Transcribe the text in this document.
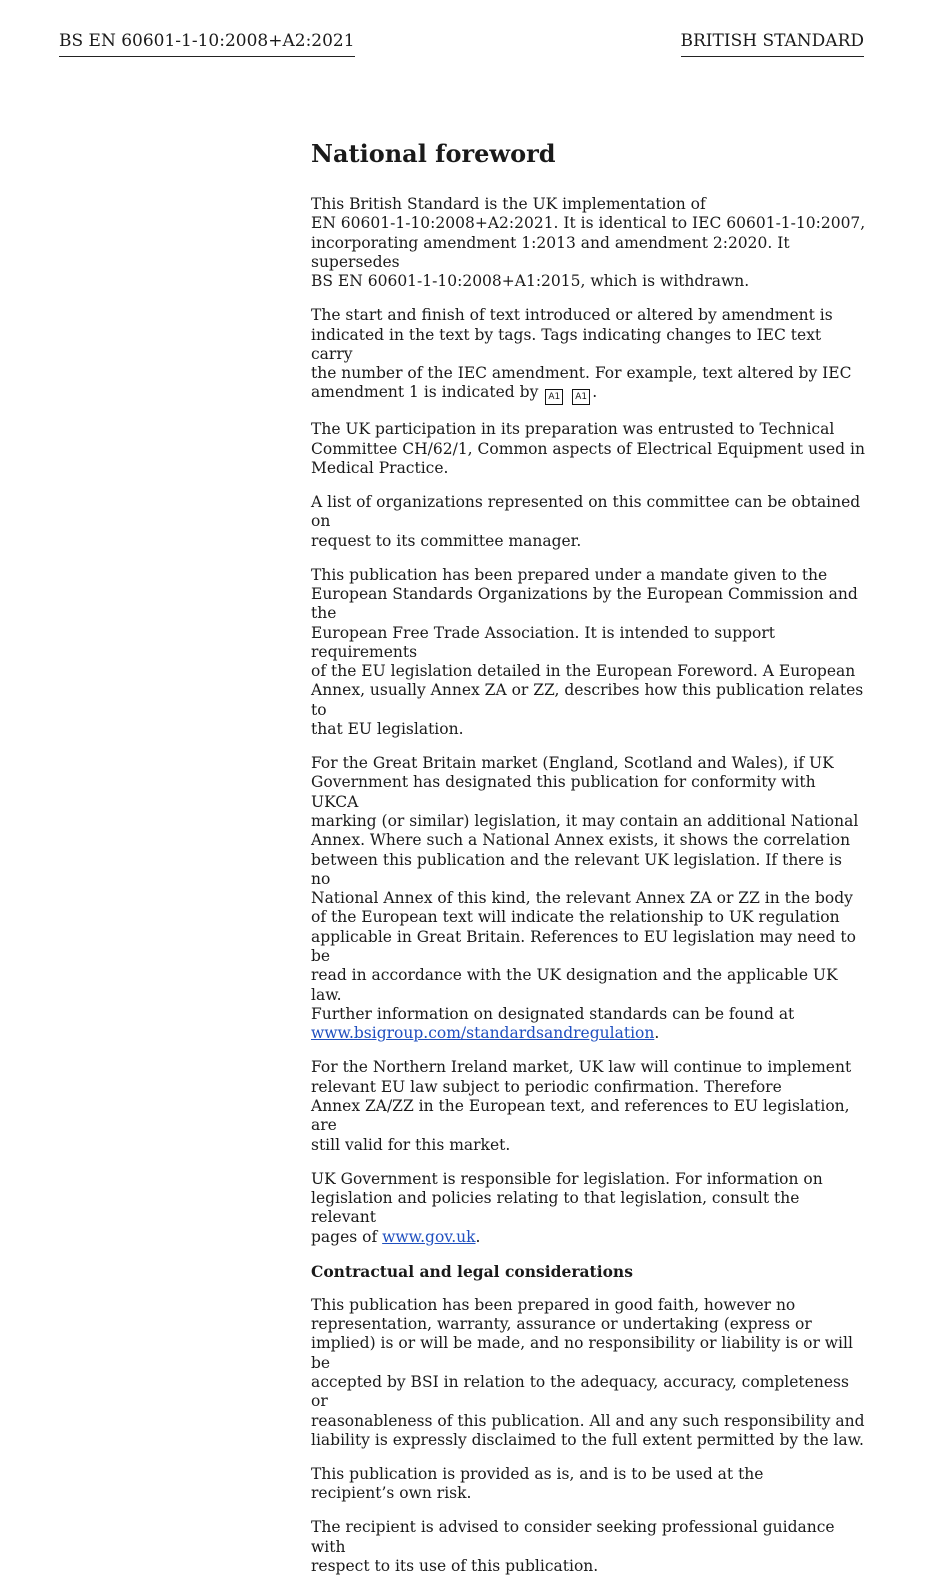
BS EN 60601-1-10:2008+A2:2021	BRITISH STANDARD
National foreword

This British Standard is the UK implementation of
EN 60601-1-10:2008+A2:2021. It is identical to IEC 60601-1-10:2007,
incorporating amendment 1:2013 and amendment 2:2020. It supersedes
BS EN 60601-1-10:2008+A1:2015, which is withdrawn.

The start and finish of text introduced or altered by amendment is
indicated in the text by tags. Tags indicating changes to IEC text carry
the number of the IEC amendment. For example, text altered by IEC
amendment 1 is indicated by A1 A1 .

The UK participation in its preparation was entrusted to Technical
Committee CH/62/1, Common aspects of Electrical Equipment used in
Medical Practice.

A list of organizations represented on this committee can be obtained on
request to its committee manager.

This publication has been prepared under a mandate given to the
European Standards Organizations by the European Commission and the
European Free Trade Association. It is intended to support requirements
of the EU legislation detailed in the European Foreword. A European
Annex, usually Annex ZA or ZZ, describes how this publication relates to
that EU legislation.

For the Great Britain market (England, Scotland and Wales), if UK
Government has designated this publication for conformity with UKCA
marking (or similar) legislation, it may contain an additional National
Annex. Where such a National Annex exists, it shows the correlation
between this publication and the relevant UK legislation. If there is no
National Annex of this kind, the relevant Annex ZA or ZZ in the body
of the European text will indicate the relationship to UK regulation
applicable in Great Britain. References to EU legislation may need to be
read in accordance with the UK designation and the applicable UK law.
Further information on designated standards can be found at
www.bsigroup.com/standardsandregulation.

For the Northern Ireland market, UK law will continue to implement
relevant EU law subject to periodic confirmation. Therefore
Annex ZA/ZZ in the European text, and references to EU legislation, are
still valid for this market.

UK Government is responsible for legislation. For information on
legislation and policies relating to that legislation, consult the relevant
pages of www.gov.uk.

Contractual and legal considerations

This publication has been prepared in good faith, however no
representation, warranty, assurance or undertaking (express or
implied) is or will be made, and no responsibility or liability is or will be
accepted by BSI in relation to the adequacy, accuracy, completeness or
reasonableness of this publication. All and any such responsibility and
liability is expressly disclaimed to the full extent permitted by the law.

This publication is provided as is, and is to be used at the
recipient’s own risk.

The recipient is advised to consider seeking professional guidance with
respect to its use of this publication.
